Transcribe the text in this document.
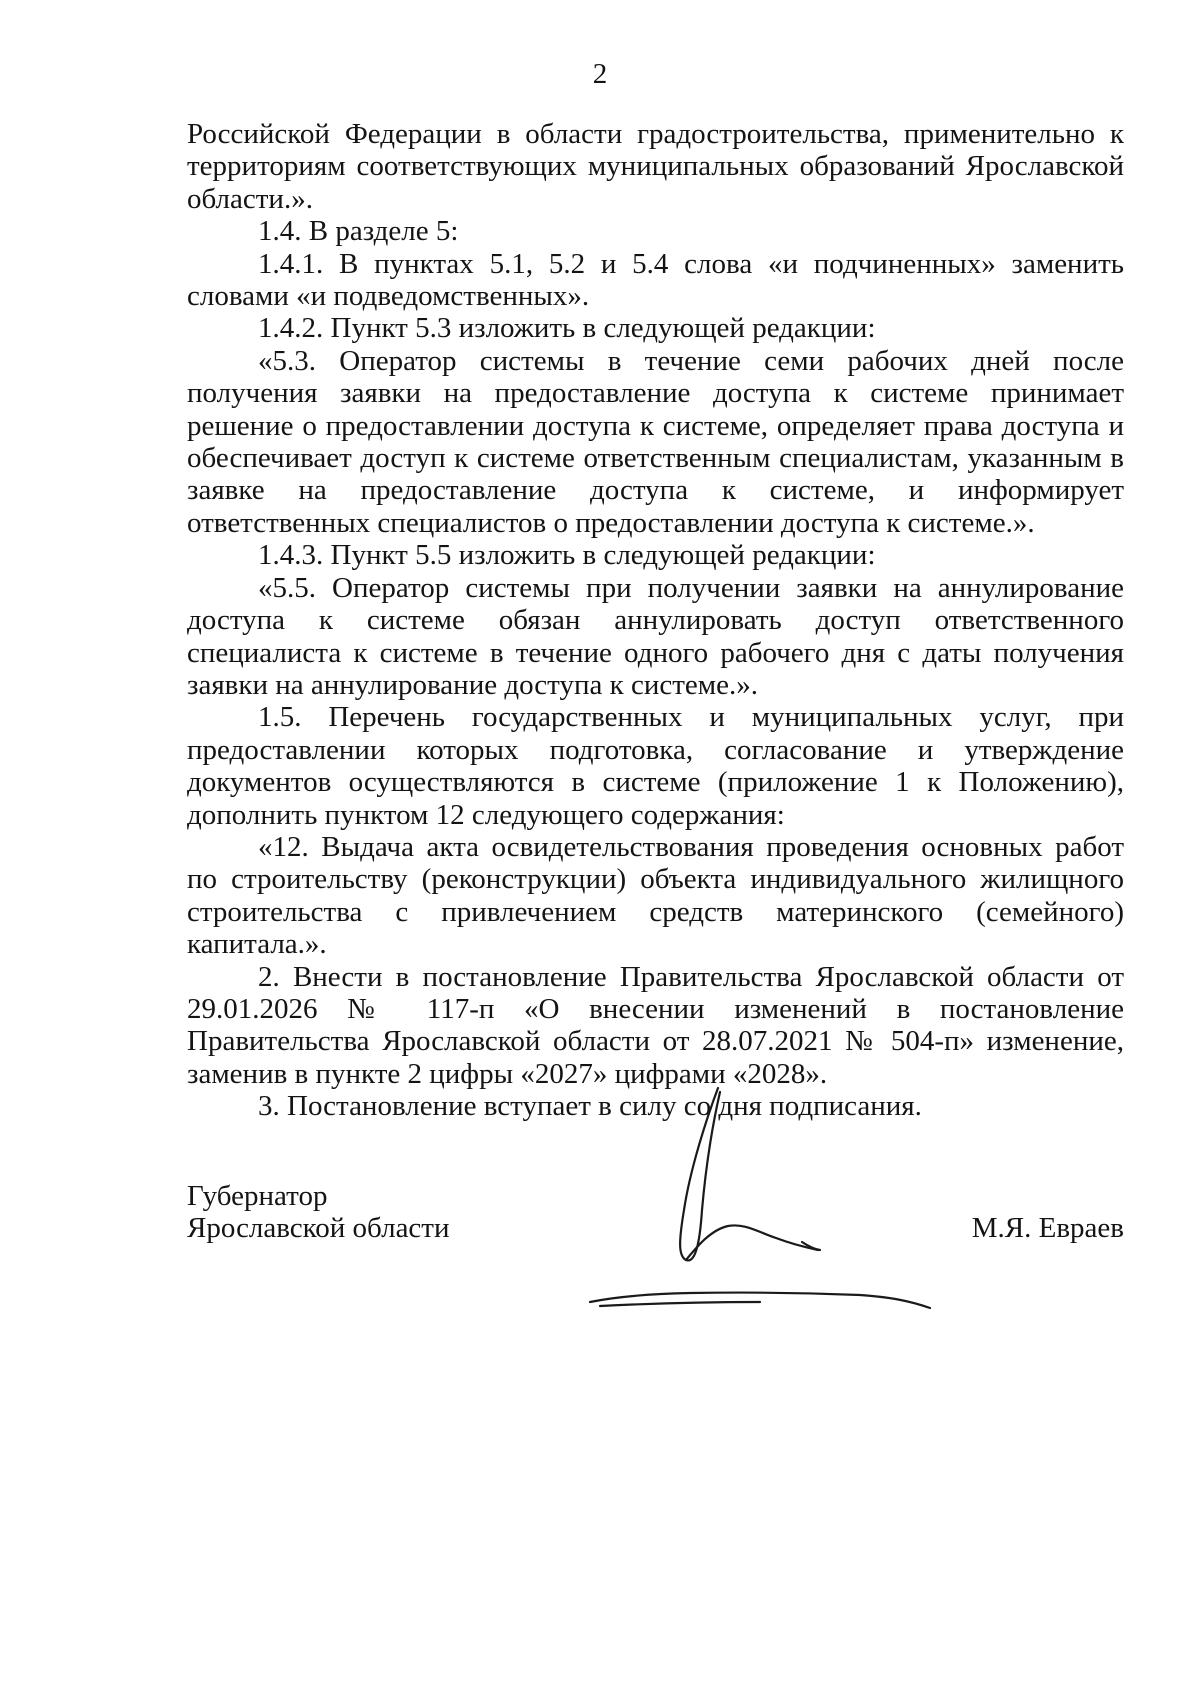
2

Российской Федерации в области градостроительства, применительно к территориям соответствующих муниципальных образований Ярославской области.».

1.4. В разделе 5:

1.4.1. В пунктах 5.1, 5.2 и 5.4 слова «и подчиненных» заменить словами «и подведомственных».

1.4.2. Пункт 5.3 изложить в следующей редакции:

«5.3. Оператор системы в течение семи рабочих дней после получения заявки на предоставление доступа к системе принимает решение о предоставлении доступа к системе, определяет права доступа и обеспечивает доступ к системе ответственным специалистам, указанным в заявке на предоставление доступа к системе, и информирует ответственных специалистов о предоставлении доступа к системе.».

1.4.3. Пункт 5.5 изложить в следующей редакции:

«5.5. Оператор системы при получении заявки на аннулирование доступа к системе обязан аннулировать доступ ответственного специалиста к системе в течение одного рабочего дня с даты получения заявки на аннулирование доступа к системе.».

1.5. Перечень государственных и муниципальных услуг, при предоставлении которых подготовка, согласование и утверждение документов осуществляются в системе (приложение 1 к Положению), дополнить пунктом 12 следующего содержания:

«12. Выдача акта освидетельствования проведения основных работ по строительству (реконструкции) объекта индивидуального жилищного строительства с привлечением средств материнского (семейного) капитала.».

2. Внести в постановление Правительства Ярославской области от 29.01.2026 № 117-п «О внесении изменений в постановление Правительства Ярославской области от 28.07.2021 № 504-п» изменение, заменив в пункте 2 цифры «2027» цифрами «2028».

3. Постановление вступает в силу со дня подписания.

Губернатор
Ярославской области	М.Я. Евраев
